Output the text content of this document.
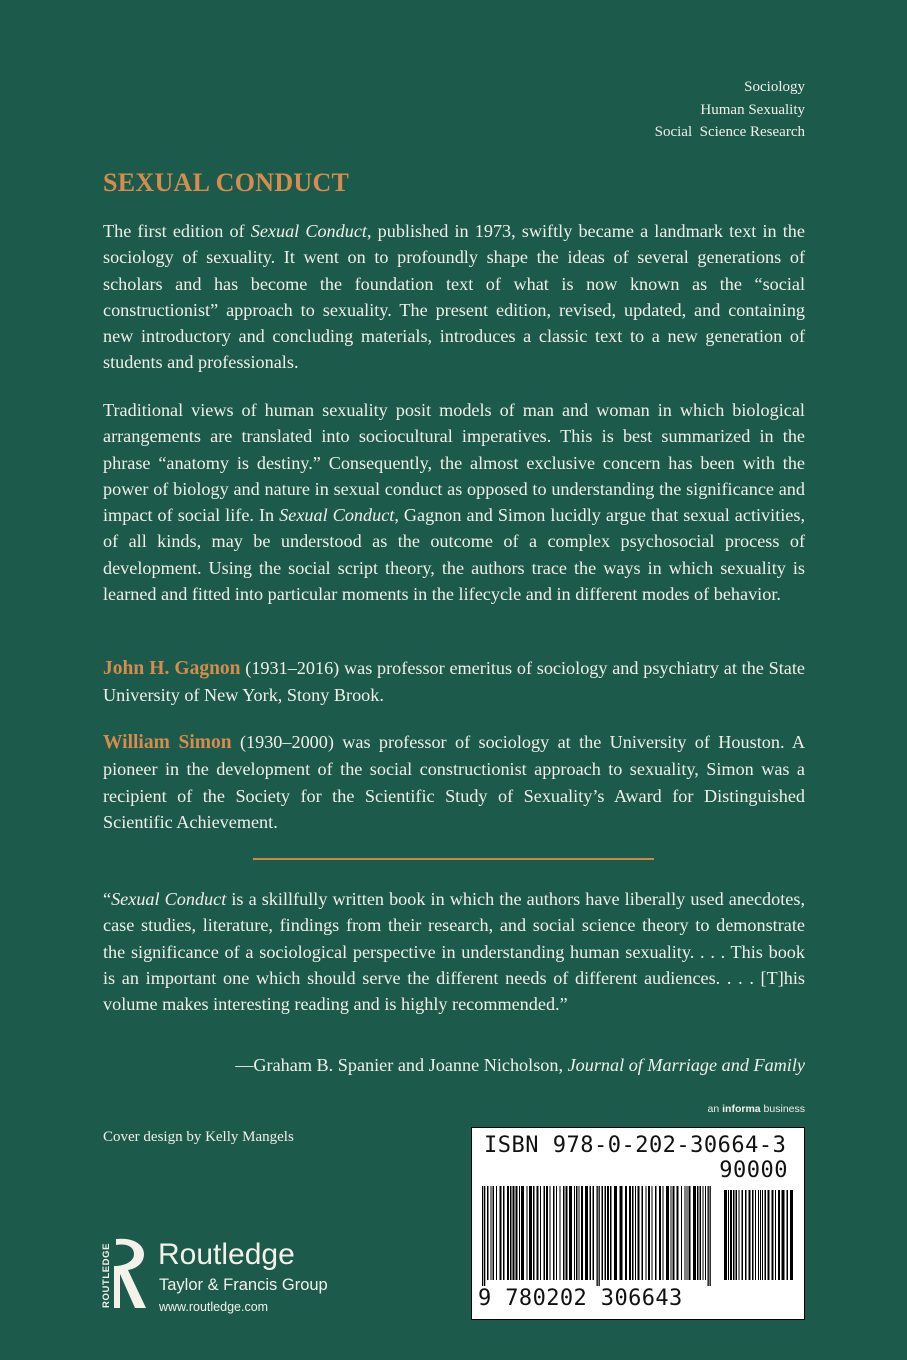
Sociology
Human Sexuality
Social  Science Research
SEXUAL CONDUCT

The first edition of Sexual Conduct, published in 1973, swiftly became a landmark text in the sociology of sexuality. It went on to profoundly shape the ideas of several generations of scholars and has become the foundation text of what is now known as the “social constructionist” approach to sexuality. The present edition, revised, updated, and containing new introductory and concluding materials, introduces a classic text to a new generation of students and professionals.

Traditional views of human sexuality posit models of man and woman in which biological arrangements are translated into sociocultural imperatives. This is best summarized in the phrase “anatomy is destiny.” Consequently, the almost exclusive concern has been with the power of biology and nature in sexual conduct as opposed to understanding the significance and impact of social life. In Sexual Conduct, Gagnon and Simon lucidly argue that sexual activities, of all kinds, may be understood as the outcome of a complex psychosocial process of development. Using the social script theory, the authors trace the ways in which sexuality is learned and fitted into particular moments in the lifecycle and in different modes of behavior.

John H. Gagnon (1931–2016) was professor emeritus of sociology and psychiatry at the State University of New York, Stony Brook.

William Simon (1930–2000) was professor of sociology at the University of Houston. A pioneer in the development of the social constructionist approach to sexuality, Simon was a recipient of the Society for the Scientific Study of Sexuality’s Award for Distinguished Scientific Achievement.

“Sexual Conduct is a skillfully written book in which the authors have liberally used anecdotes, case studies, literature, findings from their research, and social science theory to demonstrate the significance of a sociological perspective in understanding human sexuality. . . . This book is an important one which should serve the different needs of different audiences. . . . [T]his volume makes interesting reading and is highly recommended.”

—Graham B. Spanier and Joanne Nicholson, Journal of Marriage and Family
an informa business
Cover design by Kelly Mangels
ROUTLEDGE Routledge
Taylor & Francis Group
www.routledge.com
ISBN 978-0-202-30664-3
90000
9 780202 306643
